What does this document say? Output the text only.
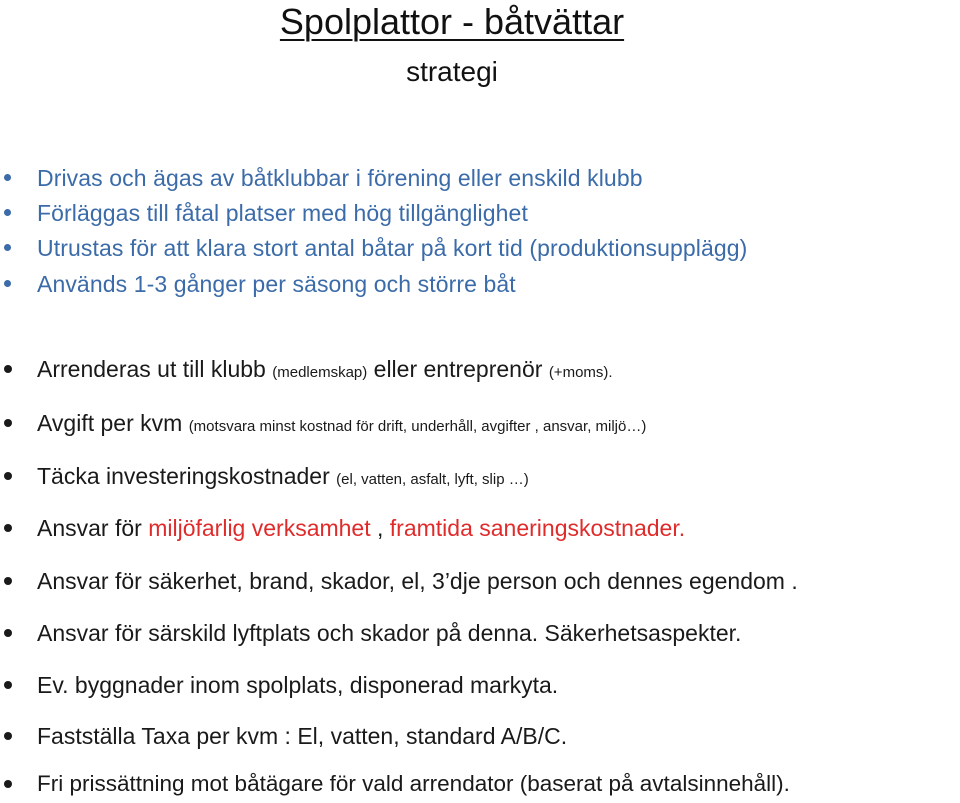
Spolplattor - båtvättar
strategi
Drivas och ägas av båtklubbar i förening eller enskild klubb
Förläggas till fåtal platser med hög tillgänglighet
Utrustas för att klara stort antal båtar på kort tid (produktionsupplägg)
Används 1-3 gånger per säsong och större båt
Arrenderas ut till klubb (medlemskap) eller entreprenör (+moms).
Avgift per kvm (motsvara minst kostnad för drift, underhåll, avgifter , ansvar, miljö…)
Täcka investeringskostnader (el, vatten, asfalt, lyft, slip …)
Ansvar för miljöfarlig verksamhet , framtida saneringskostnader.
Ansvar för säkerhet, brand, skador, el, 3’dje person och dennes egendom .
Ansvar för särskild lyftplats och skador på denna. Säkerhetsaspekter.
Ev. byggnader inom spolplats, disponerad markyta.
Fastställa Taxa per kvm : El, vatten, standard A/B/C.
Fri prissättning mot båtägare för vald arrendator (baserat på avtalsinnehåll).
